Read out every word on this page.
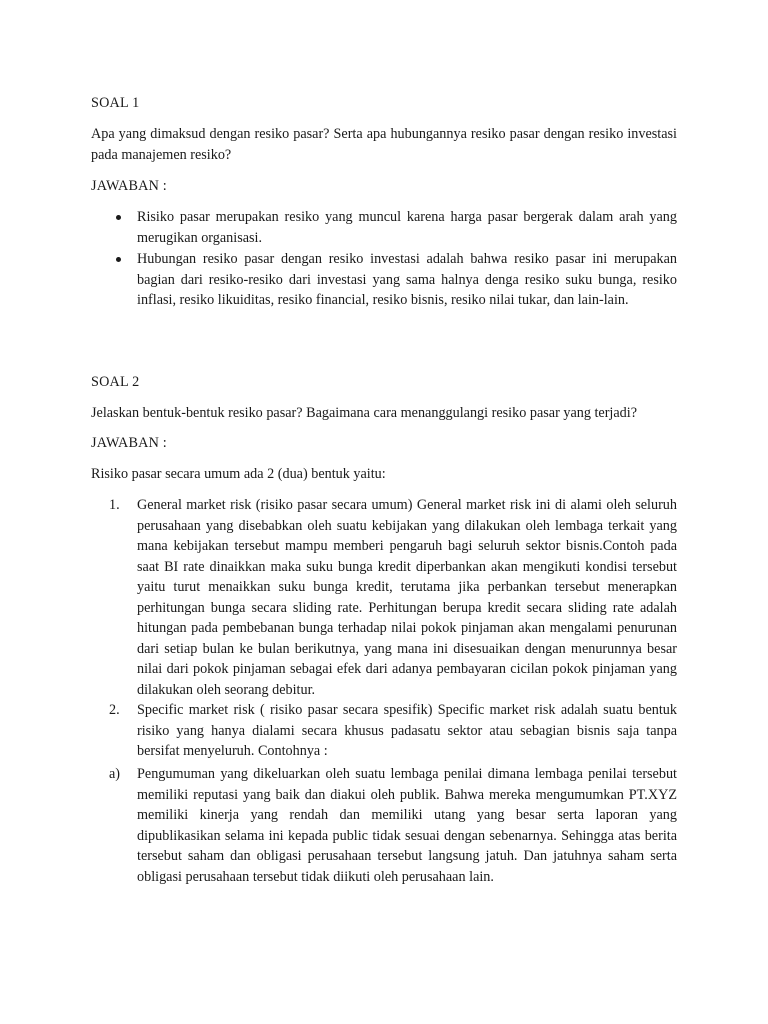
SOAL 1

Apa yang dimaksud dengan resiko pasar? Serta apa hubungannya resiko pasar dengan resiko investasi pada manajemen resiko?

JAWABAN :

Risiko pasar merupakan resiko yang muncul karena harga pasar bergerak dalam arah yang merugikan organisasi.

Hubungan resiko pasar dengan resiko investasi adalah bahwa resiko pasar ini merupakan bagian dari resiko-resiko dari investasi yang sama halnya denga resiko suku bunga, resiko inflasi, resiko likuiditas, resiko financial, resiko bisnis, resiko nilai tukar, dan lain-lain.

SOAL 2

Jelaskan bentuk-bentuk resiko pasar? Bagaimana cara menanggulangi resiko pasar yang terjadi?

JAWABAN :

Risiko pasar secara umum ada 2 (dua) bentuk yaitu:

1. General market risk (risiko pasar secara umum) General market risk ini di alami oleh seluruh perusahaan yang disebabkan oleh suatu kebijakan yang dilakukan oleh lembaga terkait yang mana kebijakan tersebut mampu memberi pengaruh bagi seluruh sektor bisnis.Contoh pada saat BI rate dinaikkan maka suku bunga kredit diperbankan akan mengikuti kondisi tersebut yaitu turut menaikkan suku bunga kredit, terutama jika perbankan tersebut menerapkan perhitungan bunga secara sliding rate. Perhitungan berupa kredit secara sliding rate adalah hitungan pada pembebanan bunga terhadap nilai pokok pinjaman akan mengalami penurunan dari setiap bulan ke bulan berikutnya, yang mana ini disesuaikan dengan menurunnya besar nilai dari pokok pinjaman sebagai efek dari adanya pembayaran cicilan pokok pinjaman yang dilakukan oleh seorang debitur.

2. Specific market risk ( risiko pasar secara spesifik) Specific market risk adalah suatu bentuk risiko yang hanya dialami secara khusus padasatu sektor atau sebagian bisnis saja tanpa bersifat menyeluruh. Contohnya :

a) Pengumuman yang dikeluarkan oleh suatu lembaga penilai dimana lembaga penilai tersebut memiliki reputasi yang baik dan diakui oleh publik. Bahwa mereka mengumumkan PT.XYZ memiliki kinerja yang rendah dan memiliki utang yang besar serta laporan yang dipublikasikan selama ini kepada public tidak sesuai dengan sebenarnya. Sehingga atas berita tersebut saham dan obligasi perusahaan tersebut langsung jatuh. Dan jatuhnya saham serta obligasi perusahaan tersebut tidak diikuti oleh perusahaan lain.
